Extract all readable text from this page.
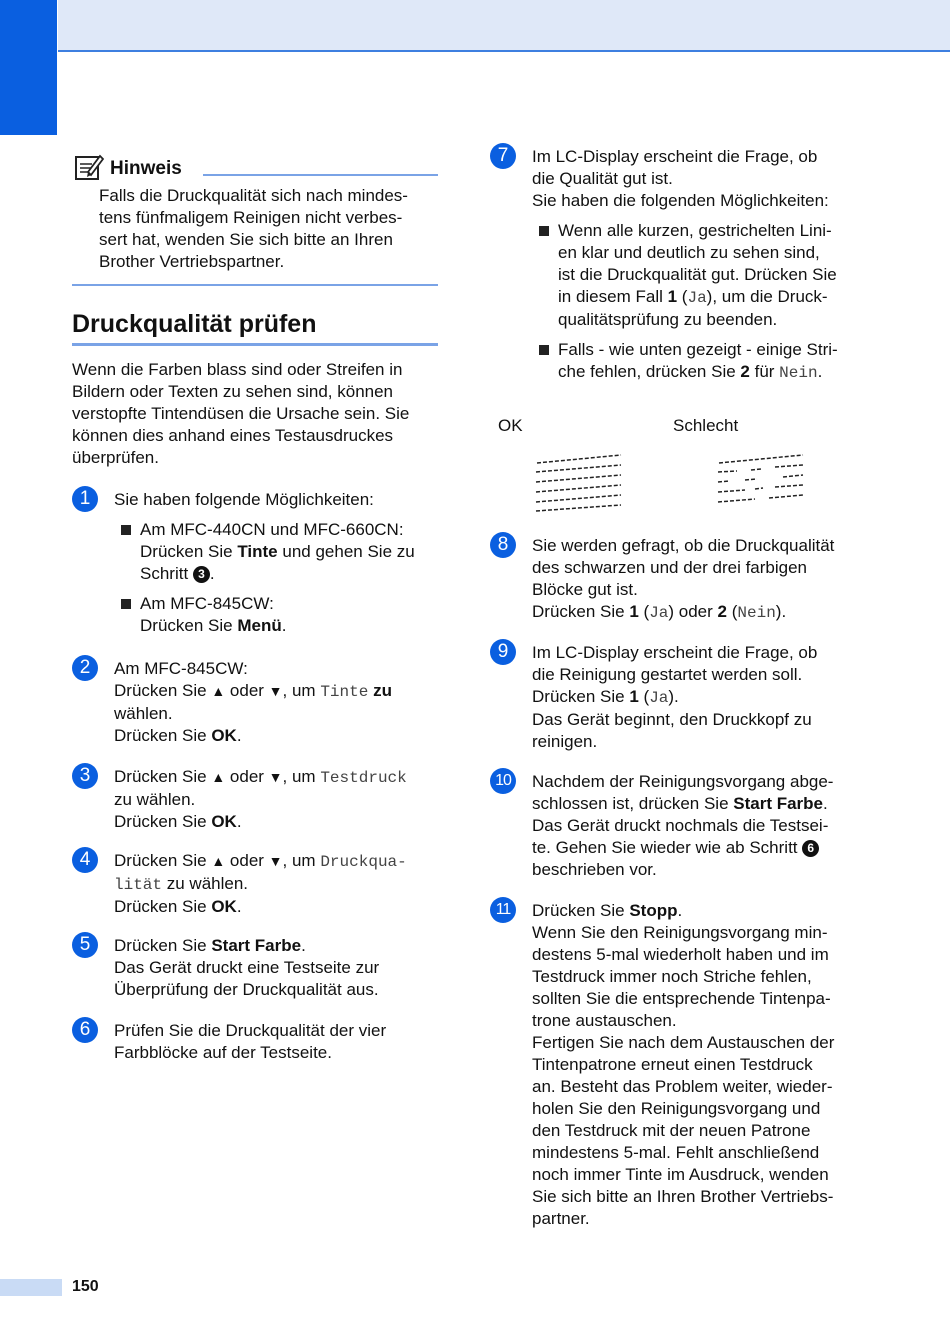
Hinweis
Falls die Druckqualität sich nach mindes-
tens fünfmaligem Reinigen nicht verbes-
sert hat, wenden Sie sich bitte an Ihren
Brother Vertriebspartner.
Druckqualität prüfen
Wenn die Farben blass sind oder Streifen in
Bildern oder Texten zu sehen sind, können
verstopfte Tintendüsen die Ursache sein. Sie
können dies anhand eines Testausdruckes
überprüfen.
1	Sie haben folgende Möglichkeiten:
Am MFC-440CN und MFC-660CN:
Drücken Sie Tinte und gehen Sie zu
Schritt 3 .
Am MFC-845CW:
Drücken Sie Menü.
2	Am MFC-845CW:
Drücken Sie ▲ oder ▼, um Tinte zu
wählen.
Drücken Sie OK.
3	Drücken Sie ▲ oder ▼, um Testdruck
zu wählen.
Drücken Sie OK.
4	Drücken Sie ▲ oder ▼, um Druckqua-
lität zu wählen.
Drücken Sie OK.
5	Drücken Sie Start Farbe.
Das Gerät druckt eine Testseite zur
Überprüfung der Druckqualität aus.
6	Prüfen Sie die Druckqualität der vier
Farbblöcke auf der Testseite.
7	Im LC-Display erscheint die Frage, ob
die Qualität gut ist.
Sie haben die folgenden Möglichkeiten:
Wenn alle kurzen, gestrichelten Lini-
en klar und deutlich zu sehen sind,
ist die Druckqualität gut. Drücken Sie
in diesem Fall 1 (Ja), um die Druck-
qualitätsprüfung zu beenden.
Falls - wie unten gezeigt - einige Stri-
che fehlen, drücken Sie 2 für Nein.
OK	Schlecht
8	Sie werden gefragt, ob die Druckqualität
des schwarzen und der drei farbigen
Blöcke gut ist.
Drücken Sie 1 (Ja) oder 2 (Nein).
9	Im LC-Display erscheint die Frage, ob
die Reinigung gestartet werden soll.
Drücken Sie 1 (Ja).
Das Gerät beginnt, den Druckkopf zu
reinigen.
10	Nachdem der Reinigungsvorgang abge-
schlossen ist, drücken Sie Start Farbe.
Das Gerät druckt nochmals die Testsei-
te. Gehen Sie wieder wie ab Schritt 6
beschrieben vor.
11	Drücken Sie Stopp.
Wenn Sie den Reinigungsvorgang min-
destens 5-mal wiederholt haben und im
Testdruck immer noch Striche fehlen,
sollten Sie die entsprechende Tintenpa-
trone austauschen.
Fertigen Sie nach dem Austauschen der
Tintenpatrone erneut einen Testdruck
an. Besteht das Problem weiter, wieder-
holen Sie den Reinigungsvorgang und
den Testdruck mit der neuen Patrone
mindestens 5-mal. Fehlt anschließend
noch immer Tinte im Ausdruck, wenden
Sie sich bitte an Ihren Brother Vertriebs-
partner.
150
